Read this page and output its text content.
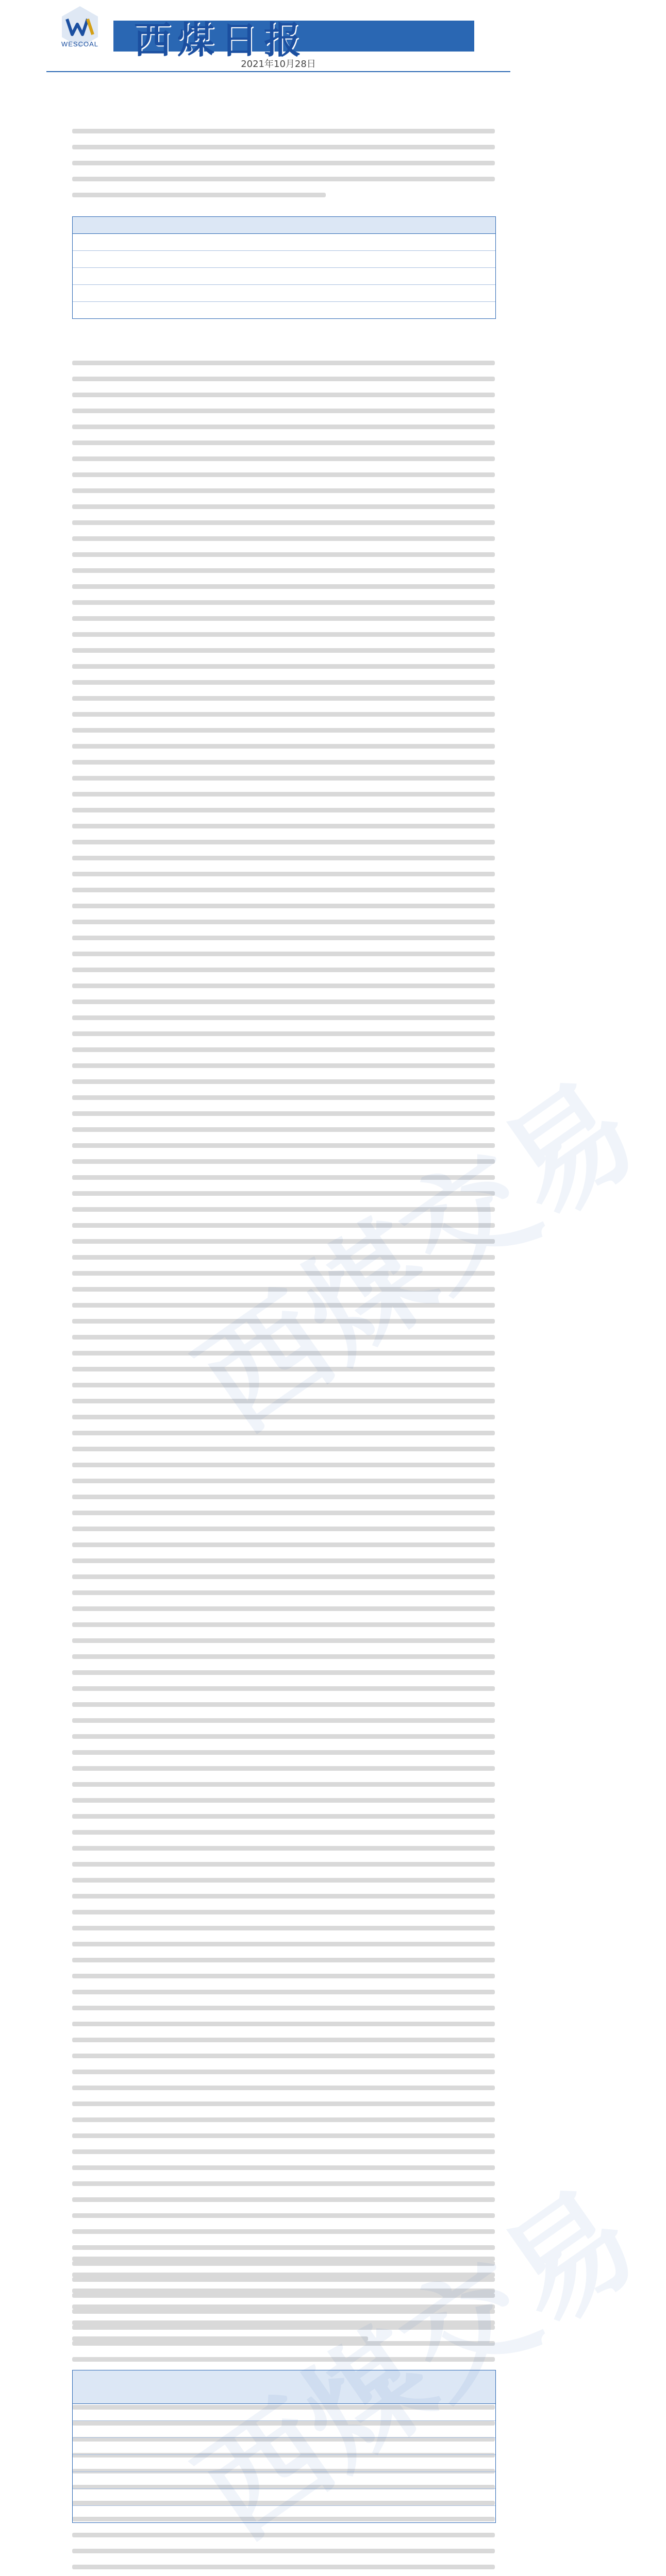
WESCOAL 西煤日报
2021年10月28日

西煤交易
